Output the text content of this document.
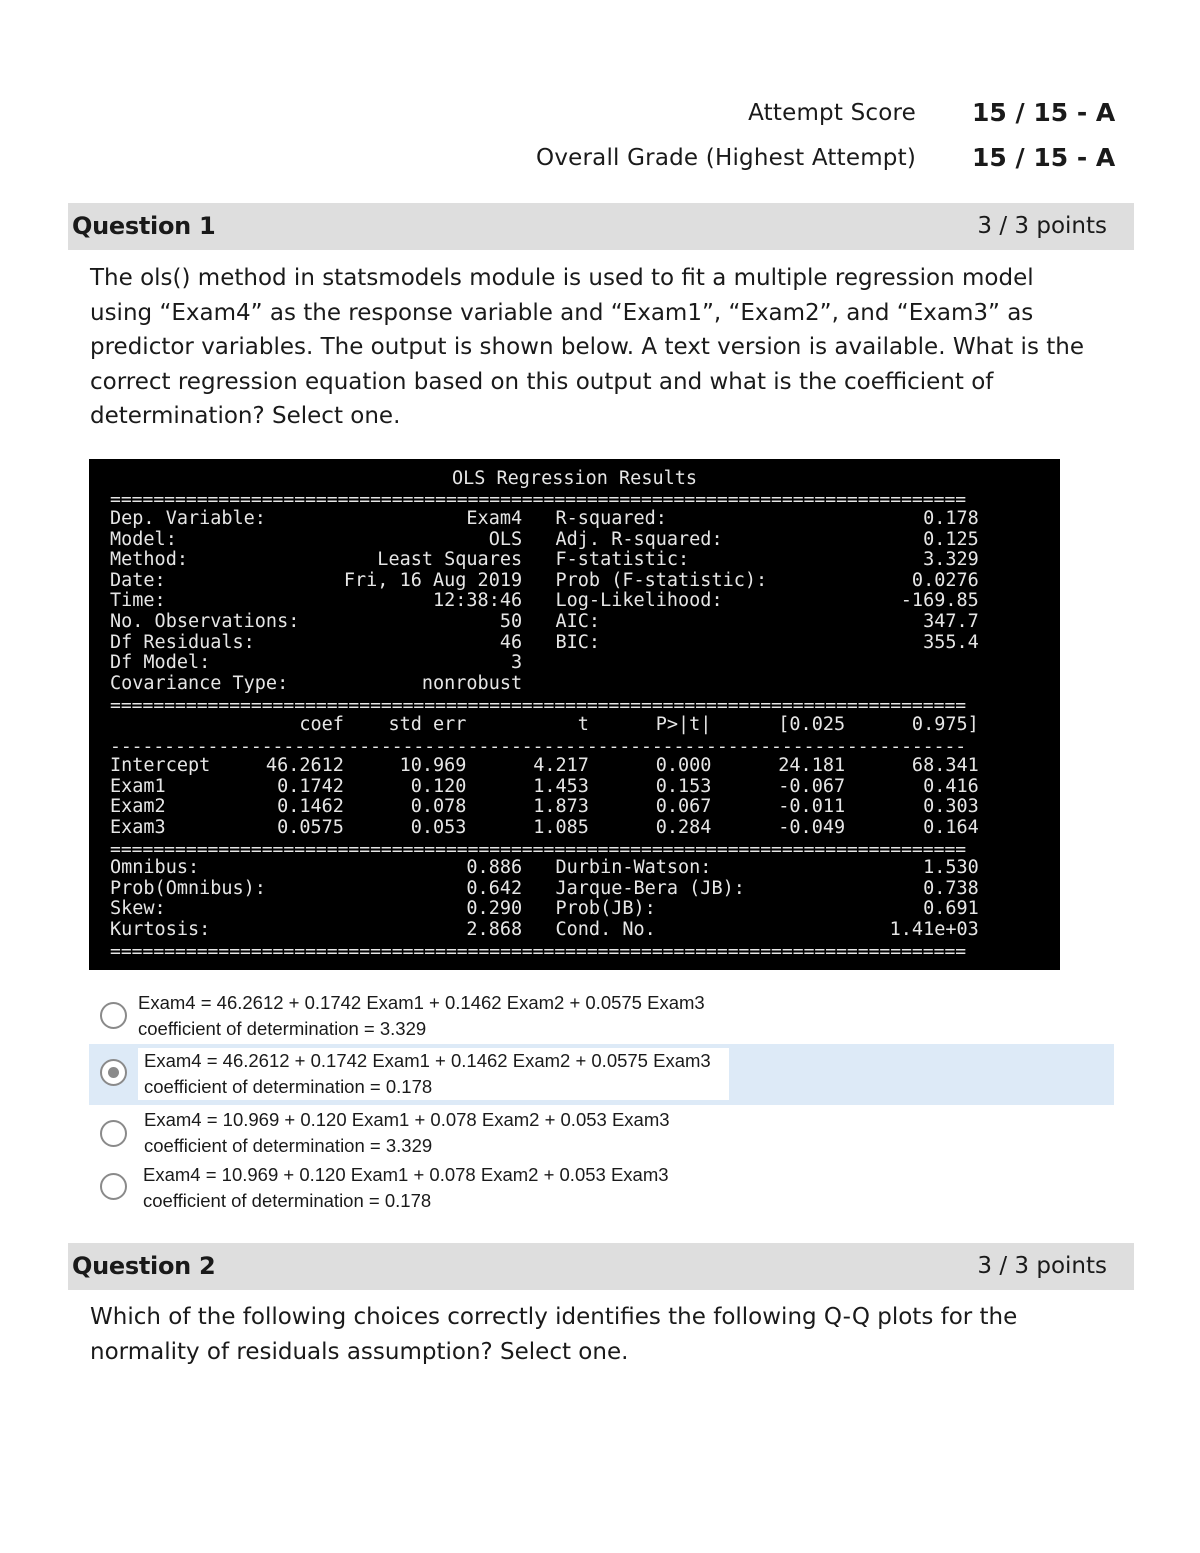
Attempt Score 15 / 15 - A
Overall Grade (Highest Attempt) 15 / 15 - A
Question 1	3 / 3 points

The ols() method in statsmodels module is used to fit a multiple regression model

using “Exam4” as the response variable and “Exam1”, “Exam2”, and “Exam3” as

predictor variables. The output is shown below. A text version is available. What is the

correct regression equation based on this output and what is the coefficient of

determination? Select one.

OLS Regression Results
===============================================================================
Dep. Variable:                  Exam4   R-squared:                       0.178
Model:                            OLS   Adj. R-squared:                  0.125
Method:                 Least Squares   F-statistic:                     3.329
Date:                Fri, 16 Aug 2019   Prob (F-statistic):             0.0276
Time:                        12:38:46   Log-Likelihood:                -169.85
No. Observations:                  50   AIC:                             347.7
Df Residuals:                      46   BIC:                             355.4
Df Model:                           3
Covariance Type:            nonrobust
===============================================================================
coef    std err          t      P>|t|      [0.025      0.975]
-------------------------------------------------------------------------------
Intercept     46.2612     10.969      4.217      0.000      24.181      68.341
Exam1          0.1742      0.120      1.453      0.153      -0.067       0.416
Exam2          0.1462      0.078      1.873      0.067      -0.011       0.303
Exam3          0.0575      0.053      1.085      0.284      -0.049       0.164
===============================================================================
Omnibus:                        0.886   Durbin-Watson:                   1.530
Prob(Omnibus):                  0.642   Jarque-Bera (JB):                0.738
Skew:                           0.290   Prob(JB):                        0.691
Kurtosis:                       2.868   Cond. No.                     1.41e+03
===============================================================================
Exam4 = 46.2612 + 0.1742 Exam1 + 0.1462 Exam2 + 0.0575 Exam3
coefficient of determination = 3.329
Exam4 = 46.2612 + 0.1742 Exam1 + 0.1462 Exam2 + 0.0575 Exam3
coefficient of determination = 0.178
Exam4 = 10.969 + 0.120 Exam1 + 0.078 Exam2 + 0.053 Exam3
coefficient of determination = 3.329
Exam4 = 10.969 + 0.120 Exam1 + 0.078 Exam2 + 0.053 Exam3
coefficient of determination = 0.178
Question 2	3 / 3 points

Which of the following choices correctly identifies the following Q-Q plots for the

normality of residuals assumption? Select one.
